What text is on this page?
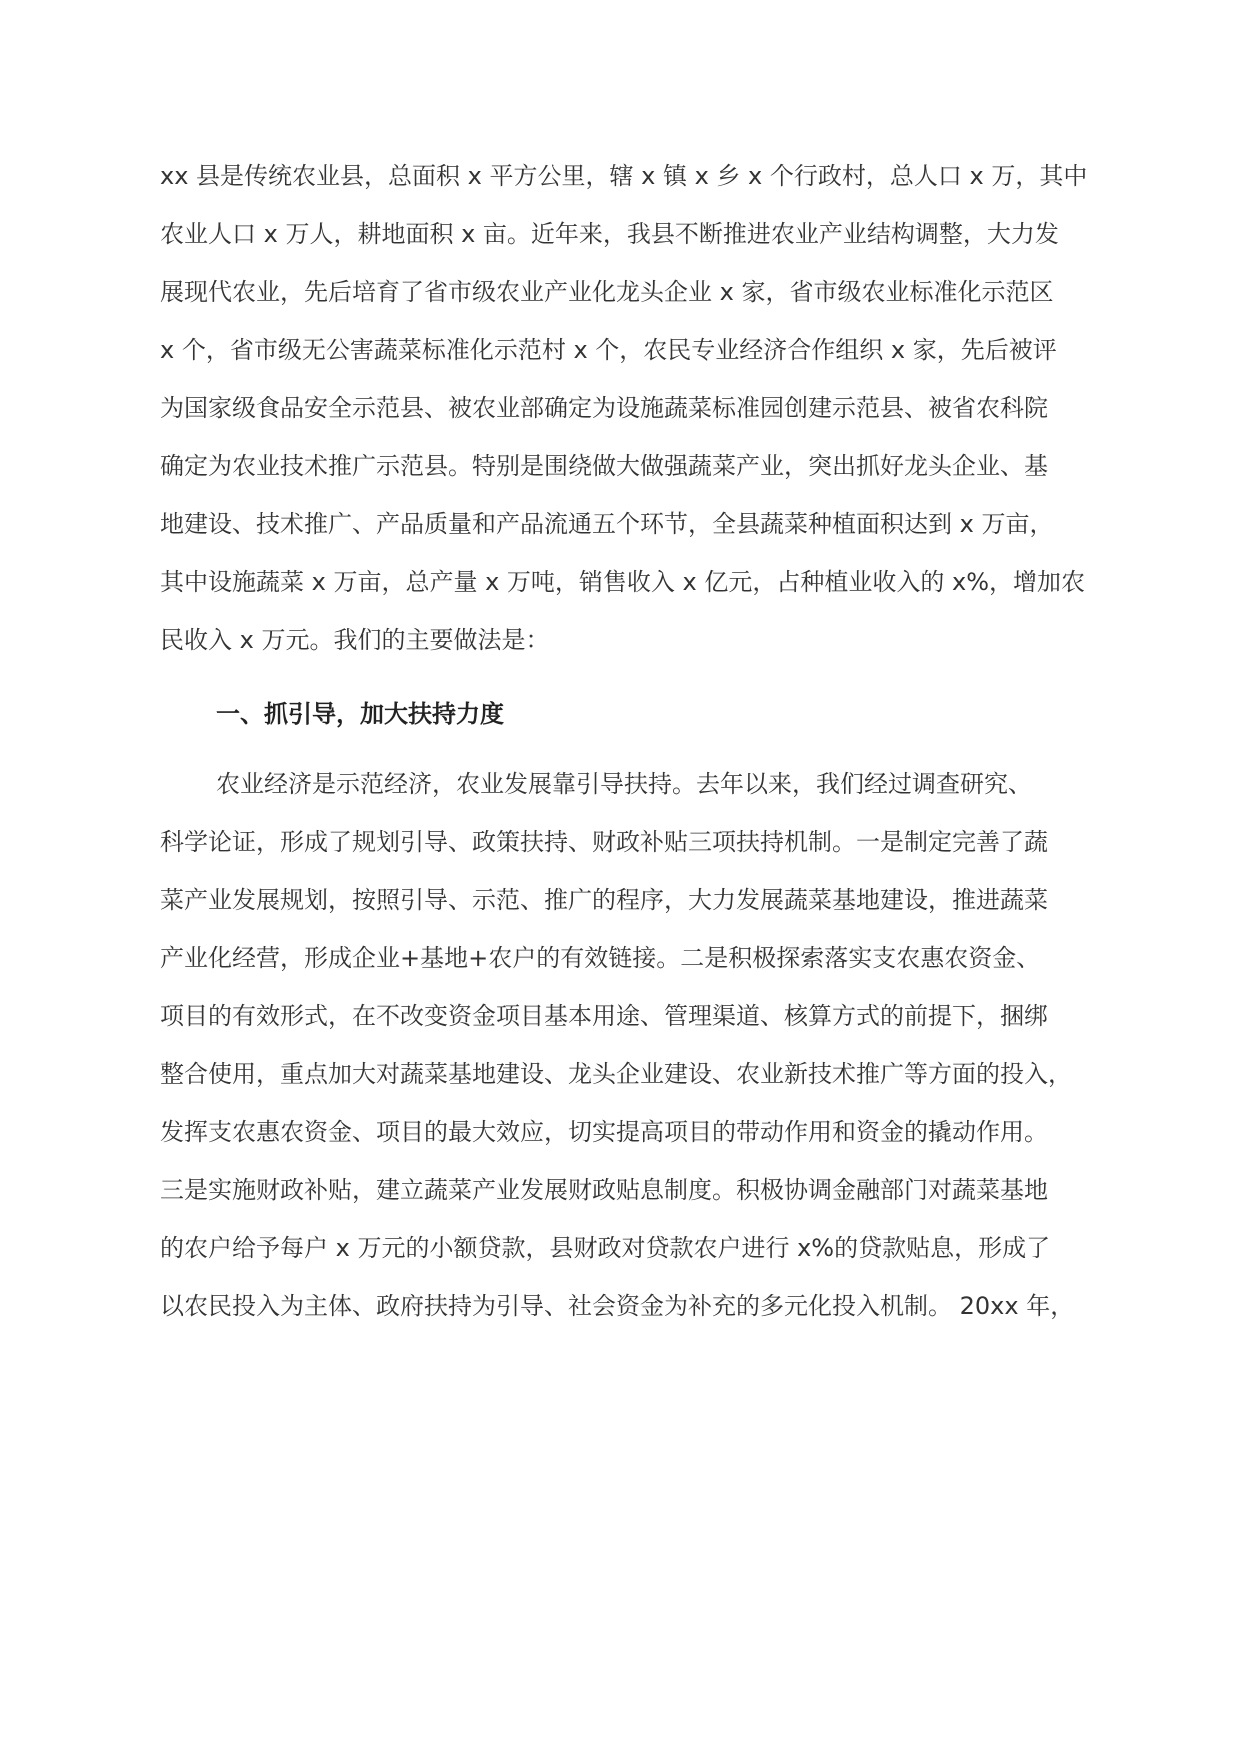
xx 县是传统农业县，总面积 x 平方公里，辖 x 镇 x 乡 x 个行政村，总人口 x 万，其中
农业人口 x 万人，耕地面积 x 亩。近年来，我县不断推进农业产业结构调整，大力发
展现代农业，先后培育了省市级农业产业化龙头企业 x 家，省市级农业标准化示范区
x 个，省市级无公害蔬菜标准化示范村 x 个，农民专业经济合作组织 x 家，先后被评
为国家级食品安全示范县、被农业部确定为设施蔬菜标准园创建示范县、被省农科院
确定为农业技术推广示范县。特别是围绕做大做强蔬菜产业，突出抓好龙头企业、基
地建设、技术推广、产品质量和产品流通五个环节，全县蔬菜种植面积达到 x 万亩，
其中设施蔬菜 x 万亩，总产量 x 万吨，销售收入 x 亿元，占种植业收入的 x%，增加农
民收入 x 万元。我们的主要做法是：
一、抓引导，加大扶持力度
农业经济是示范经济，农业发展靠引导扶持。去年以来，我们经过调查研究、
科学论证，形成了规划引导、政策扶持、财政补贴三项扶持机制。一是制定完善了蔬
菜产业发展规划，按照引导、示范、推广的程序，大力发展蔬菜基地建设，推进蔬菜
产业化经营，形成企业+基地+农户的有效链接。二是积极探索落实支农惠农资金、
项目的有效形式，在不改变资金项目基本用途、管理渠道、核算方式的前提下，捆绑
整合使用，重点加大对蔬菜基地建设、龙头企业建设、农业新技术推广等方面的投入，
发挥支农惠农资金、项目的最大效应，切实提高项目的带动作用和资金的撬动作用。
三是实施财政补贴，建立蔬菜产业发展财政贴息制度。积极协调金融部门对蔬菜基地
的农户给予每户 x 万元的小额贷款，县财政对贷款农户进行 x%的贷款贴息，形成了
以农民投入为主体、政府扶持为引导、社会资金为补充的多元化投入机制。 20xx 年，
